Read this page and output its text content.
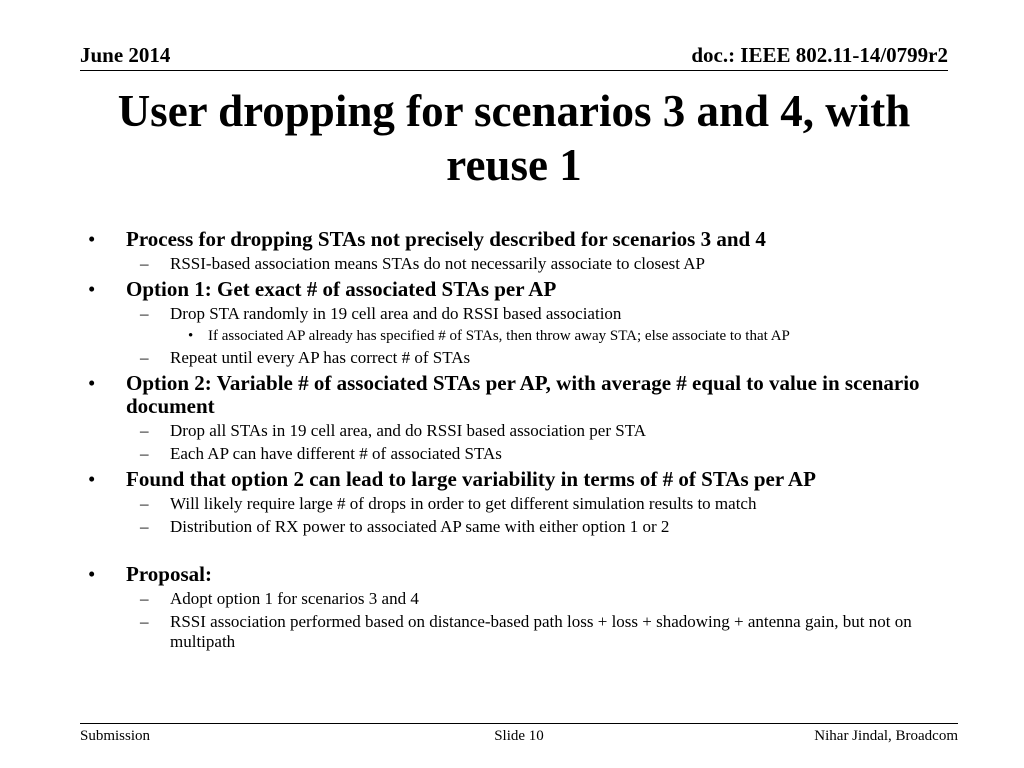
June 2014	doc.: IEEE 802.11-14/0799r2
User dropping for scenarios 3 and 4, with reuse 1
• Process for dropping STAs not precisely described for scenarios 3 and 4
– RSSI-based association means STAs do not necessarily associate to closest AP
• Option 1: Get exact # of associated STAs per AP
– Drop STA randomly in 19 cell area and do RSSI based association
• If associated AP already has specified # of STAs, then throw away STA; else associate to that AP
– Repeat until every AP has correct # of STAs
• Option 2: Variable # of associated STAs per AP, with average # equal to value in scenario document
– Drop all STAs in 19 cell area, and do RSSI based association per STA
– Each AP can have different # of associated STAs
• Found that option 2 can lead to large variability in terms of # of STAs per AP
– Will likely require large # of drops in order to get different simulation results to match
– Distribution of RX power to associated AP same with either option 1 or 2
• Proposal:
– Adopt option 1 for scenarios 3 and 4
– RSSI association performed based on distance-based path loss + loss + shadowing + antenna gain, but not on multipath
Submission	Slide 10	Nihar Jindal, Broadcom
